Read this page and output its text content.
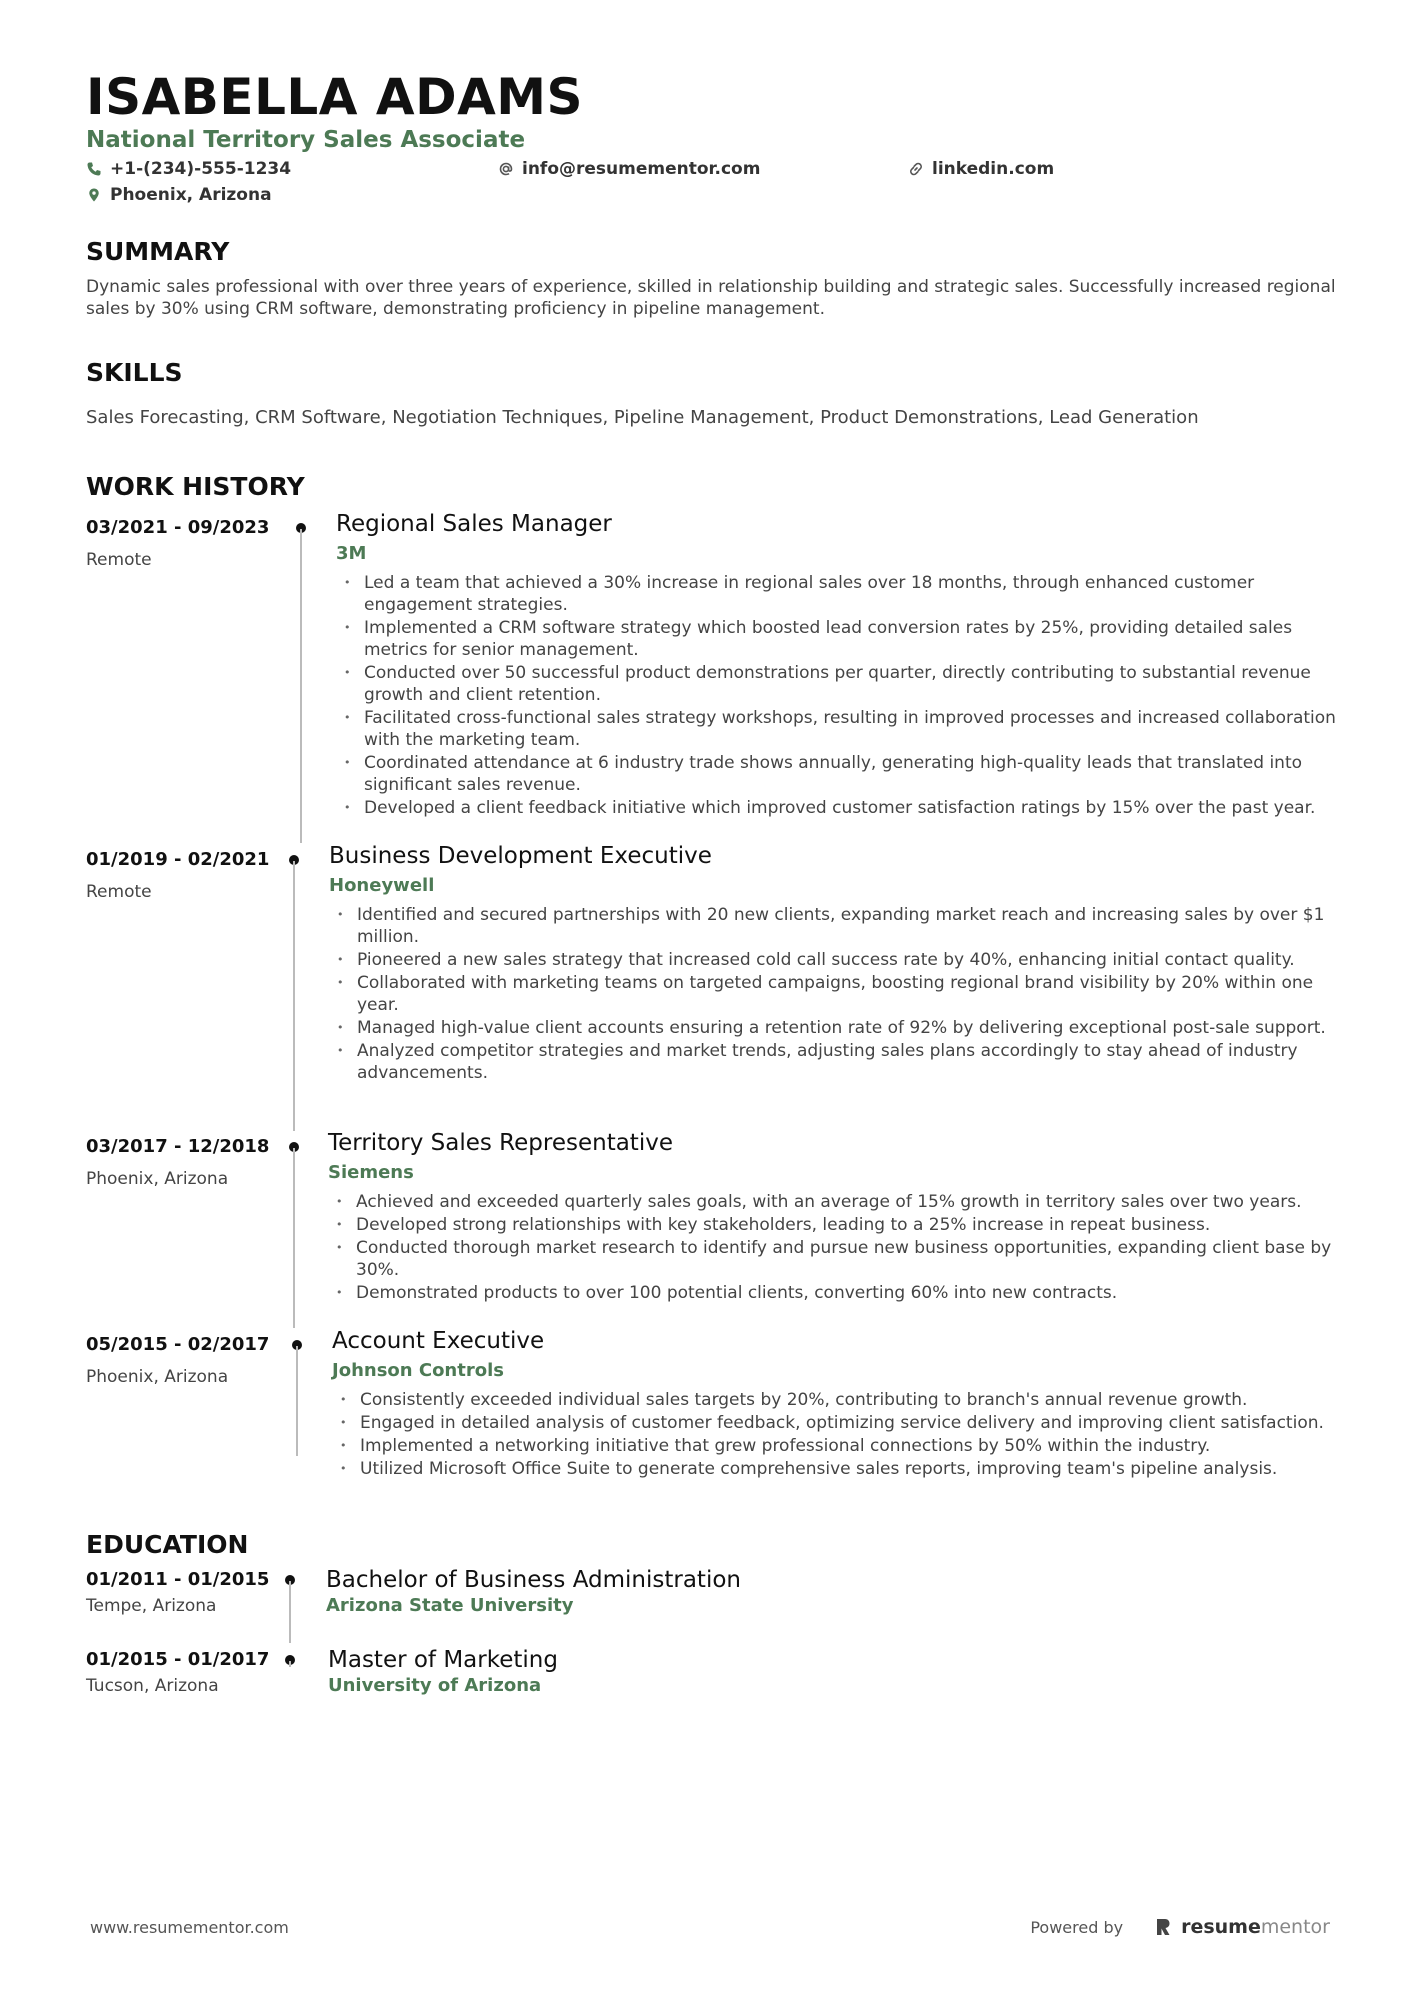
ISABELLA ADAMS
National Territory Sales Associate
+1-(234)-555-1234	info@resumementor.com	linkedin.com
Phoenix, Arizona
SUMMARY
Dynamic sales professional with over three years of experience, skilled in relationship building and strategic sales. Successfully increased regional sales by 30% using CRM software, demonstrating proficiency in pipeline management.
SKILLS
Sales Forecasting, CRM Software, Negotiation Techniques, Pipeline Management, Product Demonstrations, Lead Generation
WORK HISTORY
03/2021 - 09/2023
Remote
Regional Sales Manager
3M
• Led a team that achieved a 30% increase in regional sales over 18 months, through enhanced customer engagement strategies.
• Implemented a CRM software strategy which boosted lead conversion rates by 25%, providing detailed sales metrics for senior management.
• Conducted over 50 successful product demonstrations per quarter, directly contributing to substantial revenue growth and client retention.
• Facilitated cross-functional sales strategy workshops, resulting in improved processes and increased collaboration with the marketing team.
• Coordinated attendance at 6 industry trade shows annually, generating high-quality leads that translated into significant sales revenue.
• Developed a client feedback initiative which improved customer satisfaction ratings by 15% over the past year.
01/2019 - 02/2021
Remote
Business Development Executive
Honeywell
• Identified and secured partnerships with 20 new clients, expanding market reach and increasing sales by over $1 million.
• Pioneered a new sales strategy that increased cold call success rate by 40%, enhancing initial contact quality.
• Collaborated with marketing teams on targeted campaigns, boosting regional brand visibility by 20% within one year.
• Managed high-value client accounts ensuring a retention rate of 92% by delivering exceptional post-sale support.
• Analyzed competitor strategies and market trends, adjusting sales plans accordingly to stay ahead of industry advancements.
03/2017 - 12/2018
Phoenix, Arizona
Territory Sales Representative
Siemens
• Achieved and exceeded quarterly sales goals, with an average of 15% growth in territory sales over two years.
• Developed strong relationships with key stakeholders, leading to a 25% increase in repeat business.
• Conducted thorough market research to identify and pursue new business opportunities, expanding client base by 30%.
• Demonstrated products to over 100 potential clients, converting 60% into new contracts.
05/2015 - 02/2017
Phoenix, Arizona
Account Executive
Johnson Controls
• Consistently exceeded individual sales targets by 20%, contributing to branch's annual revenue growth.
• Engaged in detailed analysis of customer feedback, optimizing service delivery and improving client satisfaction.
• Implemented a networking initiative that grew professional connections by 50% within the industry.
• Utilized Microsoft Office Suite to generate comprehensive sales reports, improving team's pipeline analysis.
EDUCATION
01/2011 - 01/2015
Tempe, Arizona
Bachelor of Business Administration
Arizona State University
01/2015 - 01/2017
Tucson, Arizona
Master of Marketing
University of Arizona
www.resumementor.com	Powered by	resumementor
